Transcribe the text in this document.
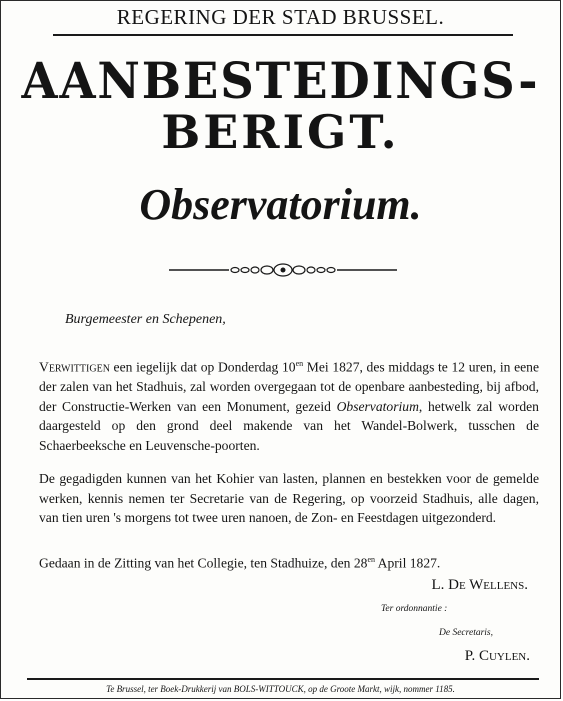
REGERING DER STAD BRUSSEL.
AANBESTEDINGS-
BERIGT.
Observatorium.
Burgemeester en Schepenen,
Verwittigen een iegelijk dat op Donderdag $10^{en}$ Mei 1827, des middags te 12 uren, in eene der zalen van het Stadhuis, zal worden overgegaan tot de openbare aanbesteding, bij afbod, der Constructie-Werken van een Monument, gezeid Observatorium, hetwelk zal worden daargesteld op den grond deel makende van het Wandel-Bolwerk, tusschen de Schaerbeeksche en Leuvensche-poorten.
De gegadigden kunnen van het Kohier van lasten, plannen en bestekken voor de gemelde werken, kennis nemen ter Secretarie van de Regering, op voorzeid Stadhuis, alle dagen, van tien uren 's morgens tot twee uren nanoen, de Zon- en Feestdagen uitgezonderd.
Gedaan in de Zitting van het Collegie, ten Stadhuize, den $28^{en}$ April 1827.
L. De Wellens.
Ter ordonnantie :
De Secretaris,
P. Cuylen.
Te Brussel, ter Boek-Drukkerij van BOLS-WITTOUCK, op de Groote Markt, wijk, nommer 1185.
